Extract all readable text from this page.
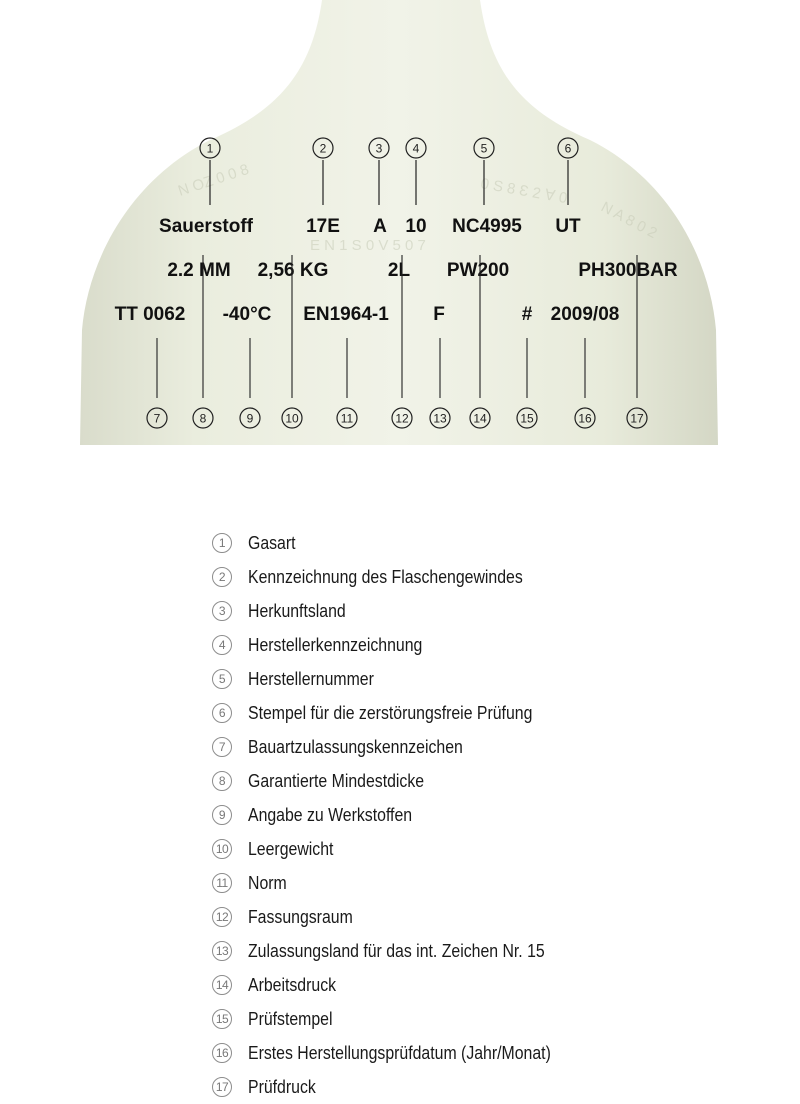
N OZ 0 0 8	0 S 8 Ɛ 2 ∀ 0
E N 1 S 0 V 5 0 7
N A 8 0 2
1
Sauerstoff
2
17E
3
A
4
10
5
NC4995
6
UT
2.2 MM 2,56 KG	2L PW200	PH300BAR
TT 0062 -40°C EN1964-1 F	# 2009/08
7	8	9	10	11	12 13 14	15	16	17
1	Gasart
2	Kennzeichnung des Flaschengewindes
3	Herkunftsland
4	Herstellerkennzeichnung
5	Herstellernummer
6	Stempel für die zerstörungsfreie Prüfung
7	Bauartzulassungskennzeichen
8	Garantierte Mindestdicke
9	Angabe zu Werkstoffen
10 Leergewicht
11 Norm
12 Fassungsraum
13 Zulassungsland für das int. Zeichen Nr. 15
14 Arbeitsdruck
15 Prüfstempel
16 Erstes Herstellungsprüfdatum (Jahr/Monat)
17 Prüfdruck
